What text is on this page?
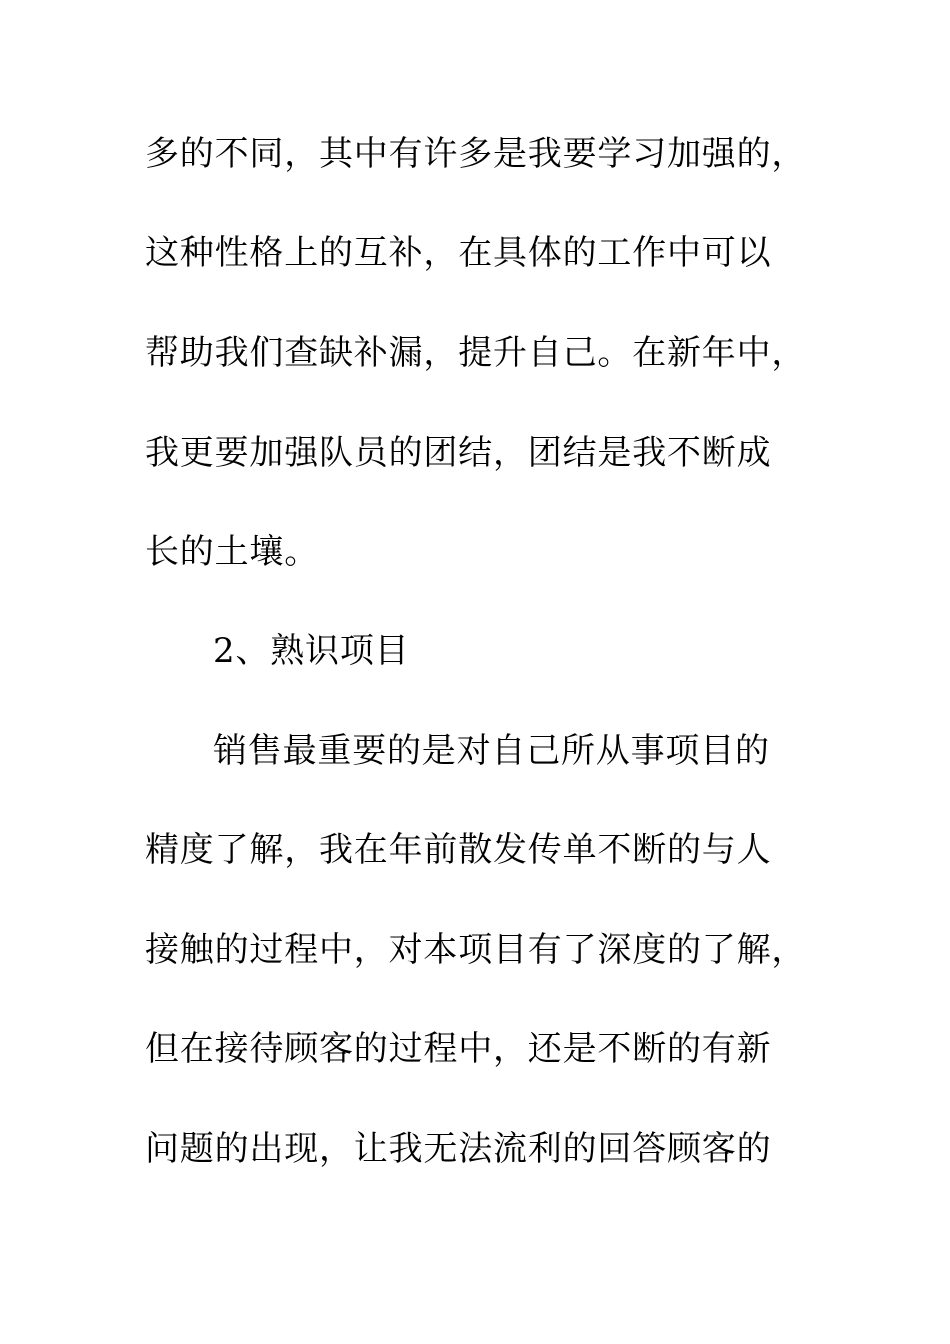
多的不同，其中有许多是我要学习加强的，
这种性格上的互补，在具体的工作中可以
帮助我们查缺补漏，提升自己。在新年中，
我更要加强队员的团结，团结是我不断成
长的土壤。
2、熟识项目
销售最重要的是对自己所从事项目的
精度了解，我在年前散发传单不断的与人
接触的过程中，对本项目有了深度的了解，
但在接待顾客的过程中，还是不断的有新
问题的出现，让我无法流利的回答顾客的
